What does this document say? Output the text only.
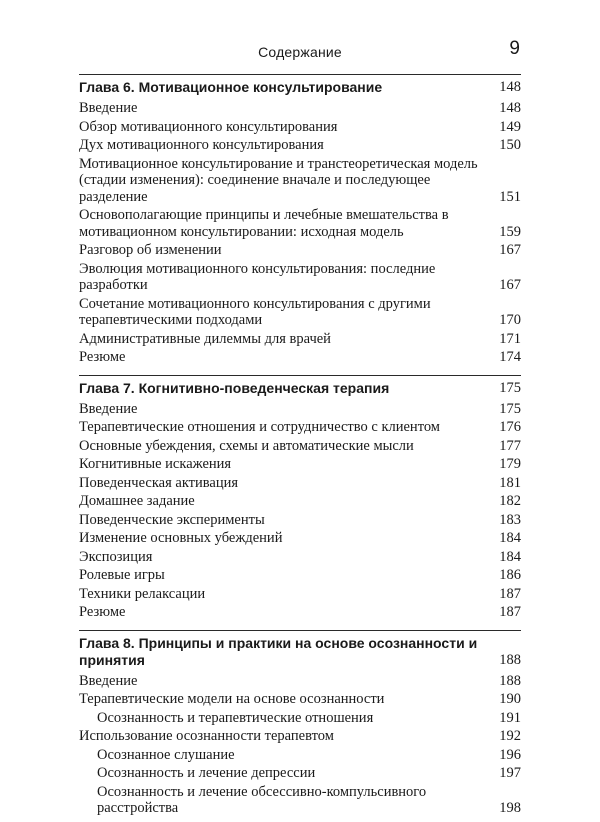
Содержание	9
Глава 6. Мотивационное консультирование	148
Введение	148
Обзор мотивационного консультирования	149
Дух мотивационного консультирования	150
Мотивационное консультирование и транстеоретическая модель (стадии изменения): соединение вначале и последующее разделение	151
Основополагающие принципы и лечебные вмешательства в мотивационном консультировании: исходная модель	159
Разговор об изменении	167
Эволюция мотивационного консультирования: последние разработки	167
Сочетание мотивационного консультирования с другими терапевтическими подходами	170
Административные дилеммы для врачей	171
Резюме	174
Глава 7. Когнитивно-поведенческая терапия	175
Введение	175
Терапевтические отношения и сотрудничество с клиентом	176
Основные убеждения, схемы и автоматические мысли	177
Когнитивные искажения	179
Поведенческая активация	181
Домашнее задание	182
Поведенческие эксперименты	183
Изменение основных убеждений	184
Экспозиция	184
Ролевые игры	186
Техники релаксации	187
Резюме	187
Глава 8. Принципы и практики на основе осознанности и принятия	188
Введение	188
Терапевтические модели на основе осознанности	190
Осознанность и терапевтические отношения	191
Использование осознанности терапевтом	192
Осознанное слушание	196
Осознанность и лечение депрессии	197
Осознанность и лечение обсессивно-компульсивного расстройства	198
